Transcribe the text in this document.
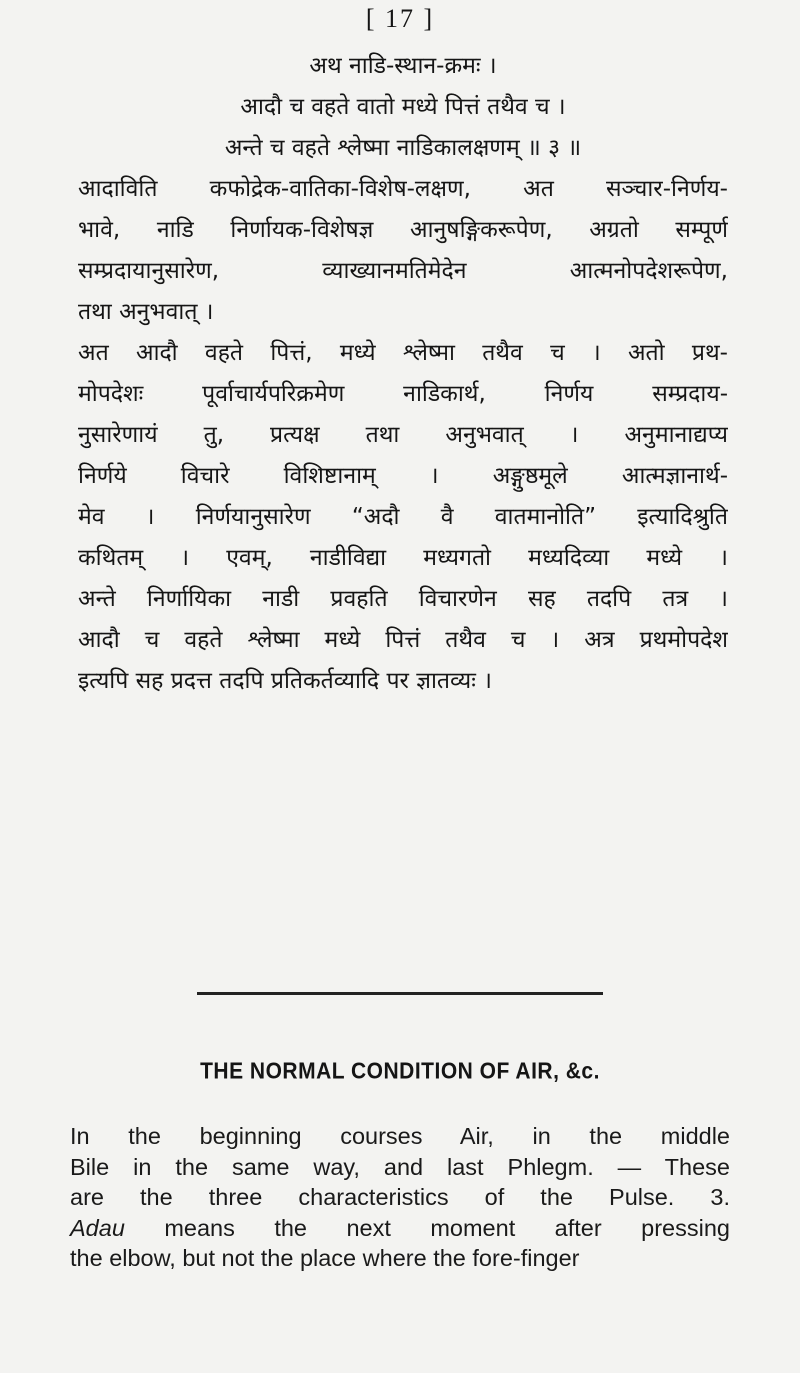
[ 17 ]
अथ नाडि-स्थान-क्रमः ।
आदौ च वहते वातो मध्ये पित्तं तथैव च ।
अन्ते च वहते श्लेष्मा नाडिकालक्षणम् ॥ ३ ॥
आदाविति कफोद्रेक-वातिका-विशेष-लक्षण, अत सञ्चार-निर्णय-
भावे, नाडि निर्णायक-विशेषज्ञ आनुषङ्गिकरूपेण, अग्रतो सम्पूर्ण
सम्प्रदायानुसारेण, व्याख्यानमतिमेदेन आत्मनोपदेशरूपेण,
तथा अनुभवात् ।
अत आदौ वहते पित्तं, मध्ये श्लेष्मा तथैव च । अतो प्रथ-
मोपदेशः पूर्वाचार्यपरिक्रमेण नाडिकार्थ, निर्णय सम्प्रदाय-
नुसारेणायं तु, प्रत्यक्ष तथा अनुभवात् । अनुमानाद्यप्य
निर्णये विचारे विशिष्टानाम् । अङ्गुष्ठमूले आत्मज्ञानार्थ-
मेव । निर्णयानुसारेण “अदौ वै वातमानोति” इत्यादिश्रुति
कथितम् । एवम्, नाडीविद्या मध्यगतो मध्यदिव्या मध्ये ।
अन्ते निर्णायिका नाडी प्रवहति विचारणेन सह तदपि तत्र ।
आदौ च वहते श्लेष्मा मध्ये पित्तं तथैव च । अत्र प्रथमोपदेश
इत्यपि सह प्रदत्त तदपि प्रतिकर्तव्यादि पर ज्ञातव्यः ।
THE NORMAL CONDITION OF AIR, &c.
In the beginning courses Air, in the middle
Bile in the same way, and last Phlegm. — These
are the three characteristics of the Pulse. 3.
Adau means the next moment after pressing
the elbow, but not the place where the fore-finger
